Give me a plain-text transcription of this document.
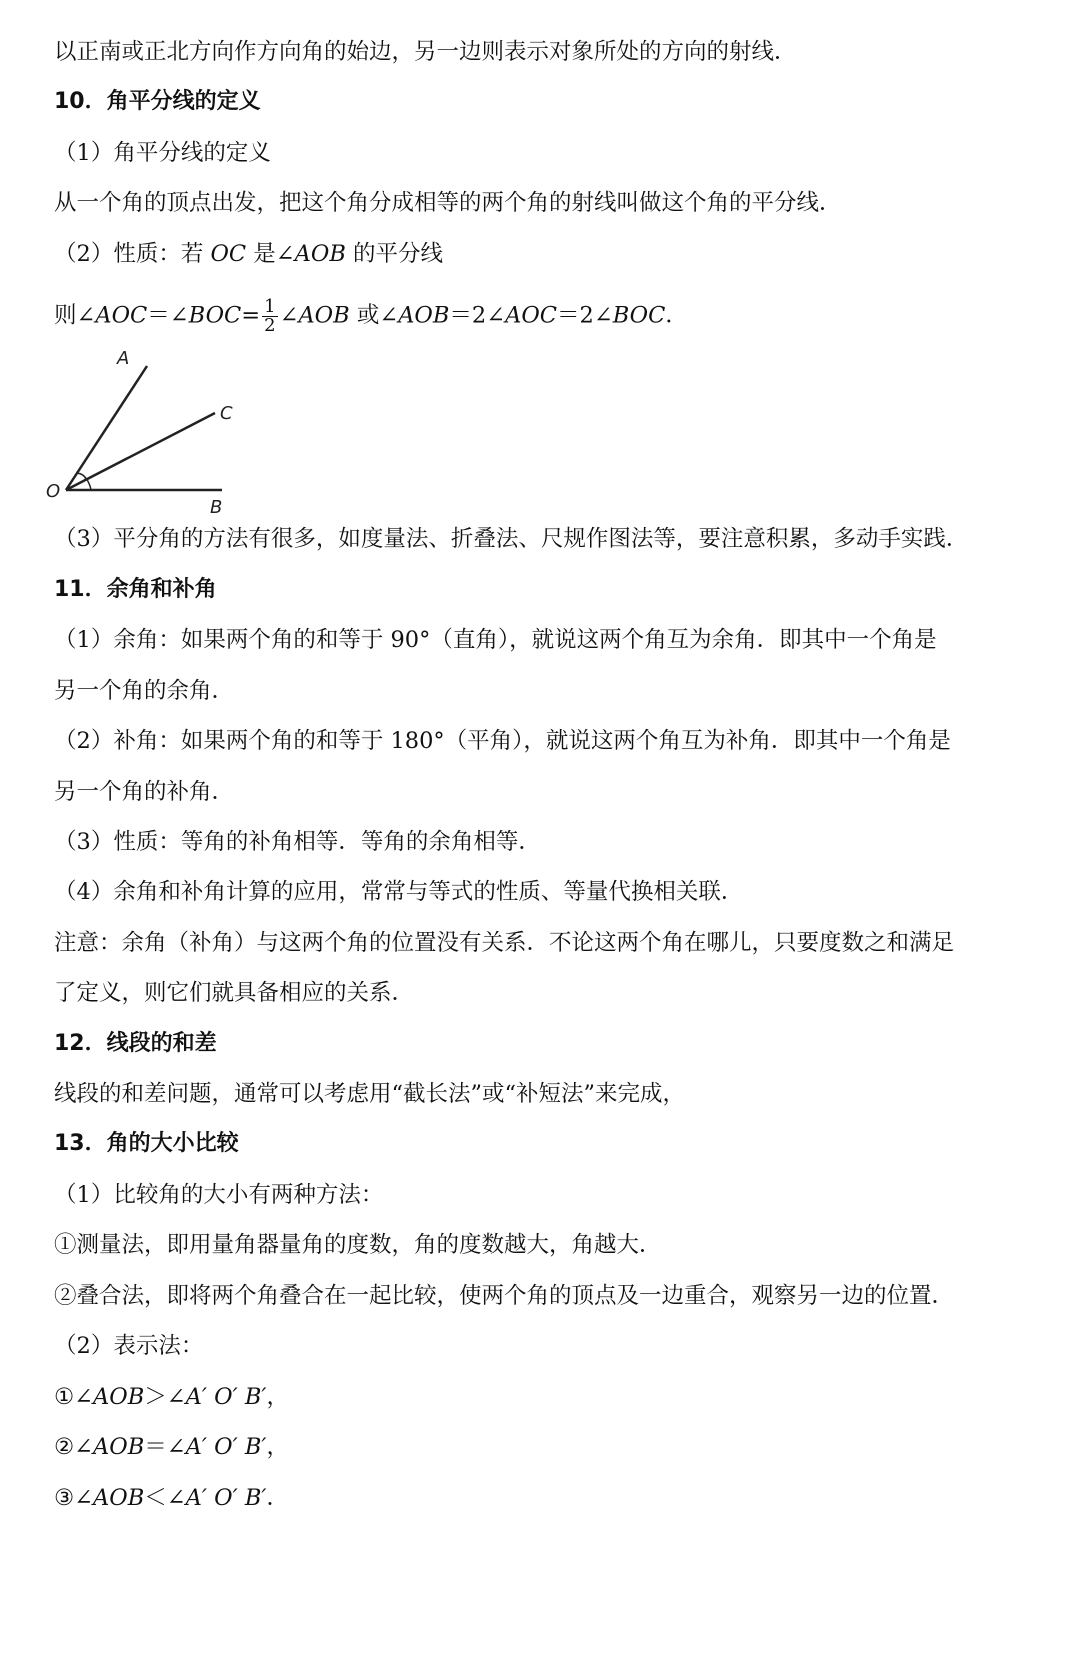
以正南或正北方向作方向角的始边，另一边则表示对象所处的方向的射线．
10．角平分线的定义
（1）角平分线的定义
从一个角的顶点出发，把这个角分成相等的两个角的射线叫做这个角的平分线．
（2）性质：若 OC 是∠AOB 的平分线
则∠AOC＝∠BOC= $\frac{1}{2}$ ∠AOB 或∠AOB＝2∠AOC＝2∠BOC．
A
C
O
B
（3）平分角的方法有很多，如度量法、折叠法、尺规作图法等，要注意积累，多动手实践．
11．余角和补角
（1）余角：如果两个角的和等于 90°（直角），就说这两个角互为余角．即其中一个角是
另一个角的余角．
（2）补角：如果两个角的和等于 180°（平角），就说这两个角互为补角．即其中一个角是
另一个角的补角．
（3）性质：等角的补角相等．等角的余角相等．
（4）余角和补角计算的应用，常常与等式的性质、等量代换相关联．
注意：余角（补角）与这两个角的位置没有关系．不论这两个角在哪儿，只要度数之和满足
了定义，则它们就具备相应的关系．
12．线段的和差
线段的和差问题，通常可以考虑用“截长法”或“补短法”来完成，
13．角的大小比较
（1）比较角的大小有两种方法：
①测量法，即用量角器量角的度数，角的度数越大，角越大．
②叠合法，即将两个角叠合在一起比较，使两个角的顶点及一边重合，观察另一边的位置．
（2）表示法：
①∠AOB＞∠A′ O′ B′，
②∠AOB＝∠A′ O′ B′，
③∠AOB＜∠A′ O′ B′．
